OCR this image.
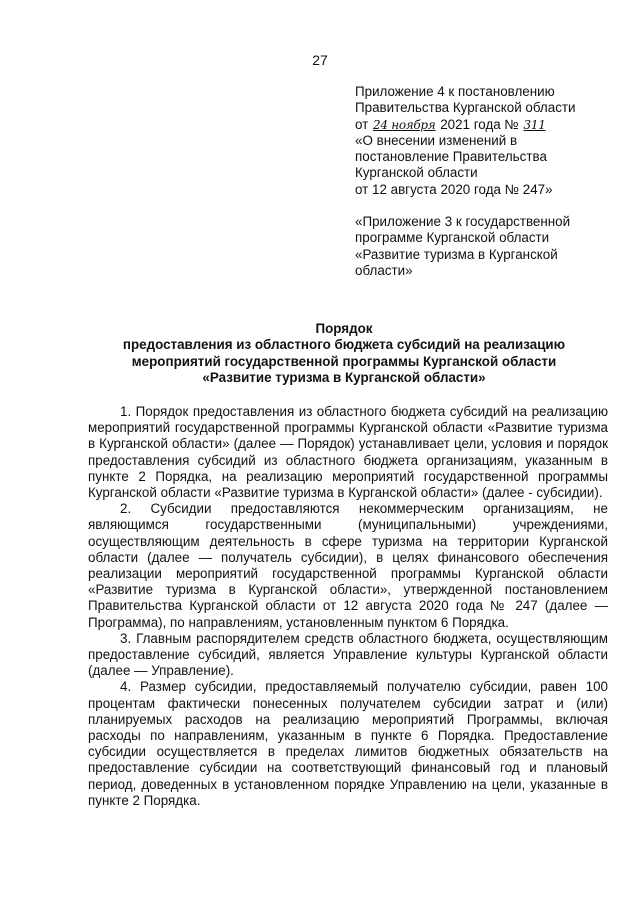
27

Приложение 4 к постановлению

Правительства Курганской области

от 24 ноября 2021 года № 311

«О внесении изменений в

постановление Правительства

Курганской области

от 12 августа 2020 года № 247»

«Приложение 3 к государственной

программе Курганской области

«Развитие туризма в Курганской

области»

Порядок

предоставления из областного бюджета субсидий на реализацию

мероприятий государственной программы Курганской области

«Развитие туризма в Курганской области»

1. Порядок предоставления из областного бюджета субсидий на реализацию мероприятий государственной программы Курганской области «Развитие туризма в Курганской области» (далее — Порядок) устанавливает цели, условия и порядок предоставления субсидий из областного бюджета организациям, указанным в пункте 2 Порядка, на реализацию мероприятий государственной программы Курганской области «Развитие туризма в Курганской области» (далее - субсидии).

2. Субсидии предоставляются некоммерческим организациям, не являющимся государственными (муниципальными) учреждениями, осуществляющим деятельность в сфере туризма на территории Курганской области (далее — получатель субсидии), в целях финансового обеспечения реализации мероприятий государственной программы Курганской области «Развитие туризма в Курганской области», утвержденной постановлением Правительства Курганской области от 12 августа 2020 года № 247 (далее — Программа), по направлениям, установленным пунктом 6 Порядка.

3. Главным распорядителем средств областного бюджета, осуществляющим предоставление субсидий, является Управление культуры Курганской области (далее — Управление).

4. Размер субсидии, предоставляемый получателю субсидии, равен 100 процентам фактически понесенных получателем субсидии затрат и (или) планируемых расходов на реализацию мероприятий Программы, включая расходы по направлениям, указанным в пункте 6 Порядка. Предоставление субсидии осуществляется в пределах лимитов бюджетных обязательств на предоставление субсидии на соответствующий финансовый год и плановый период, доведенных в установленном порядке Управлению на цели, указанные в пункте 2 Порядка.
